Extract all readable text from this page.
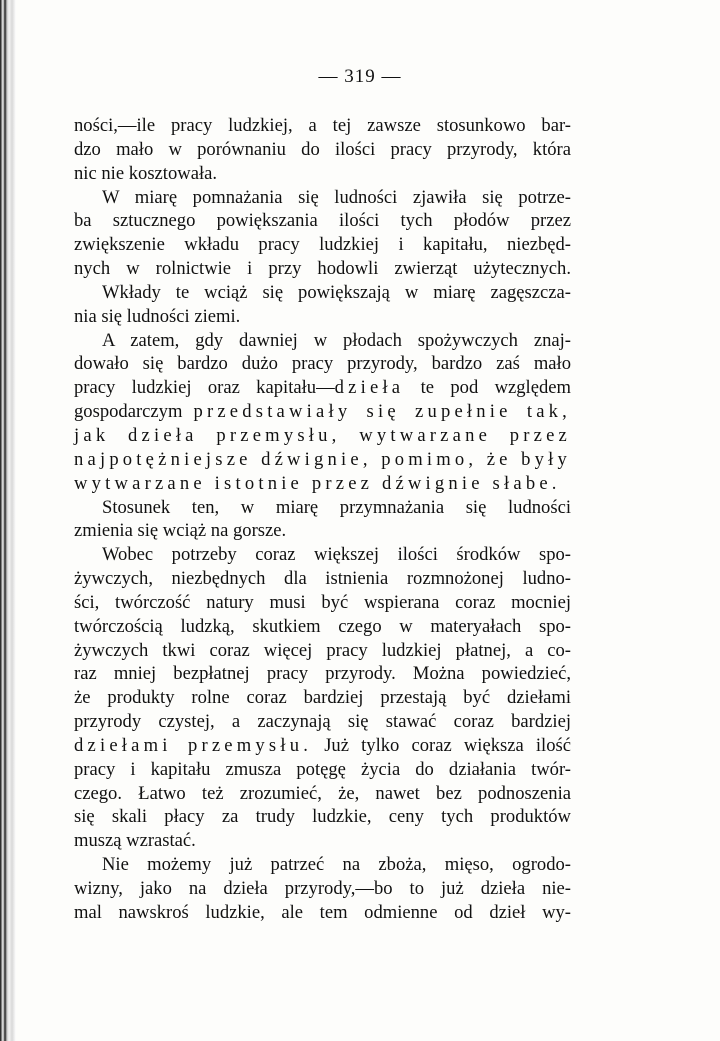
— 319 —
ności,—ile pracy ludzkiej, a tej zawsze stosunkowo bar-
dzo mało w porównaniu do ilości pracy przyrody, która
nic nie kosztowała.
W miarę pomnażania się ludności zjawiła się potrze-
ba sztucznego powiększania ilości tych płodów przez
zwiększenie wkładu pracy ludzkiej i kapitału, niezbęd-
nych w rolnictwie i przy hodowli zwierząt użytecznych.
Wkłady te wciąż się powiększają w miarę zagęszcza-
nia się ludności ziemi.
A zatem, gdy dawniej w płodach spożywczych znaj-
dowało się bardzo dużo pracy przyrody, bardzo zaś mało
pracy ludzkiej oraz kapitału—dzieła te pod względem
gospodarczym przedstawiały się zupełnie tak,
jak dzieła przemysłu, wytwarzane przez
najpotężniejsze dźwignie, pomimo, że były
wytwarzane istotnie przez dźwignie słabe.
Stosunek ten, w miarę przymnażania się ludności
zmienia się wciąż na gorsze.
Wobec potrzeby coraz większej ilości środków spo-
żywczych, niezbędnych dla istnienia rozmnożonej ludno-
ści, twórczość natury musi być wspierana coraz mocniej
twórczością ludzką, skutkiem czego w materyałach spo-
żywczych tkwi coraz więcej pracy ludzkiej płatnej, a co-
raz mniej bezpłatnej pracy przyrody. Można powiedzieć,
że produkty rolne coraz bardziej przestają być dziełami
przyrody czystej, a zaczynają się stawać coraz bardziej
dziełami przemysłu. Już tylko coraz większa ilość
pracy i kapitału zmusza potęgę życia do działania twór-
czego. Łatwo też zrozumieć, że, nawet bez podnoszenia
się skali płacy za trudy ludzkie, ceny tych produktów
muszą wzrastać.
Nie możemy już patrzeć na zboża, mięso, ogrodo-
wizny, jako na dzieła przyrody,—bo to już dzieła nie-
mal nawskroś ludzkie, ale tem odmienne od dzieł wy-
